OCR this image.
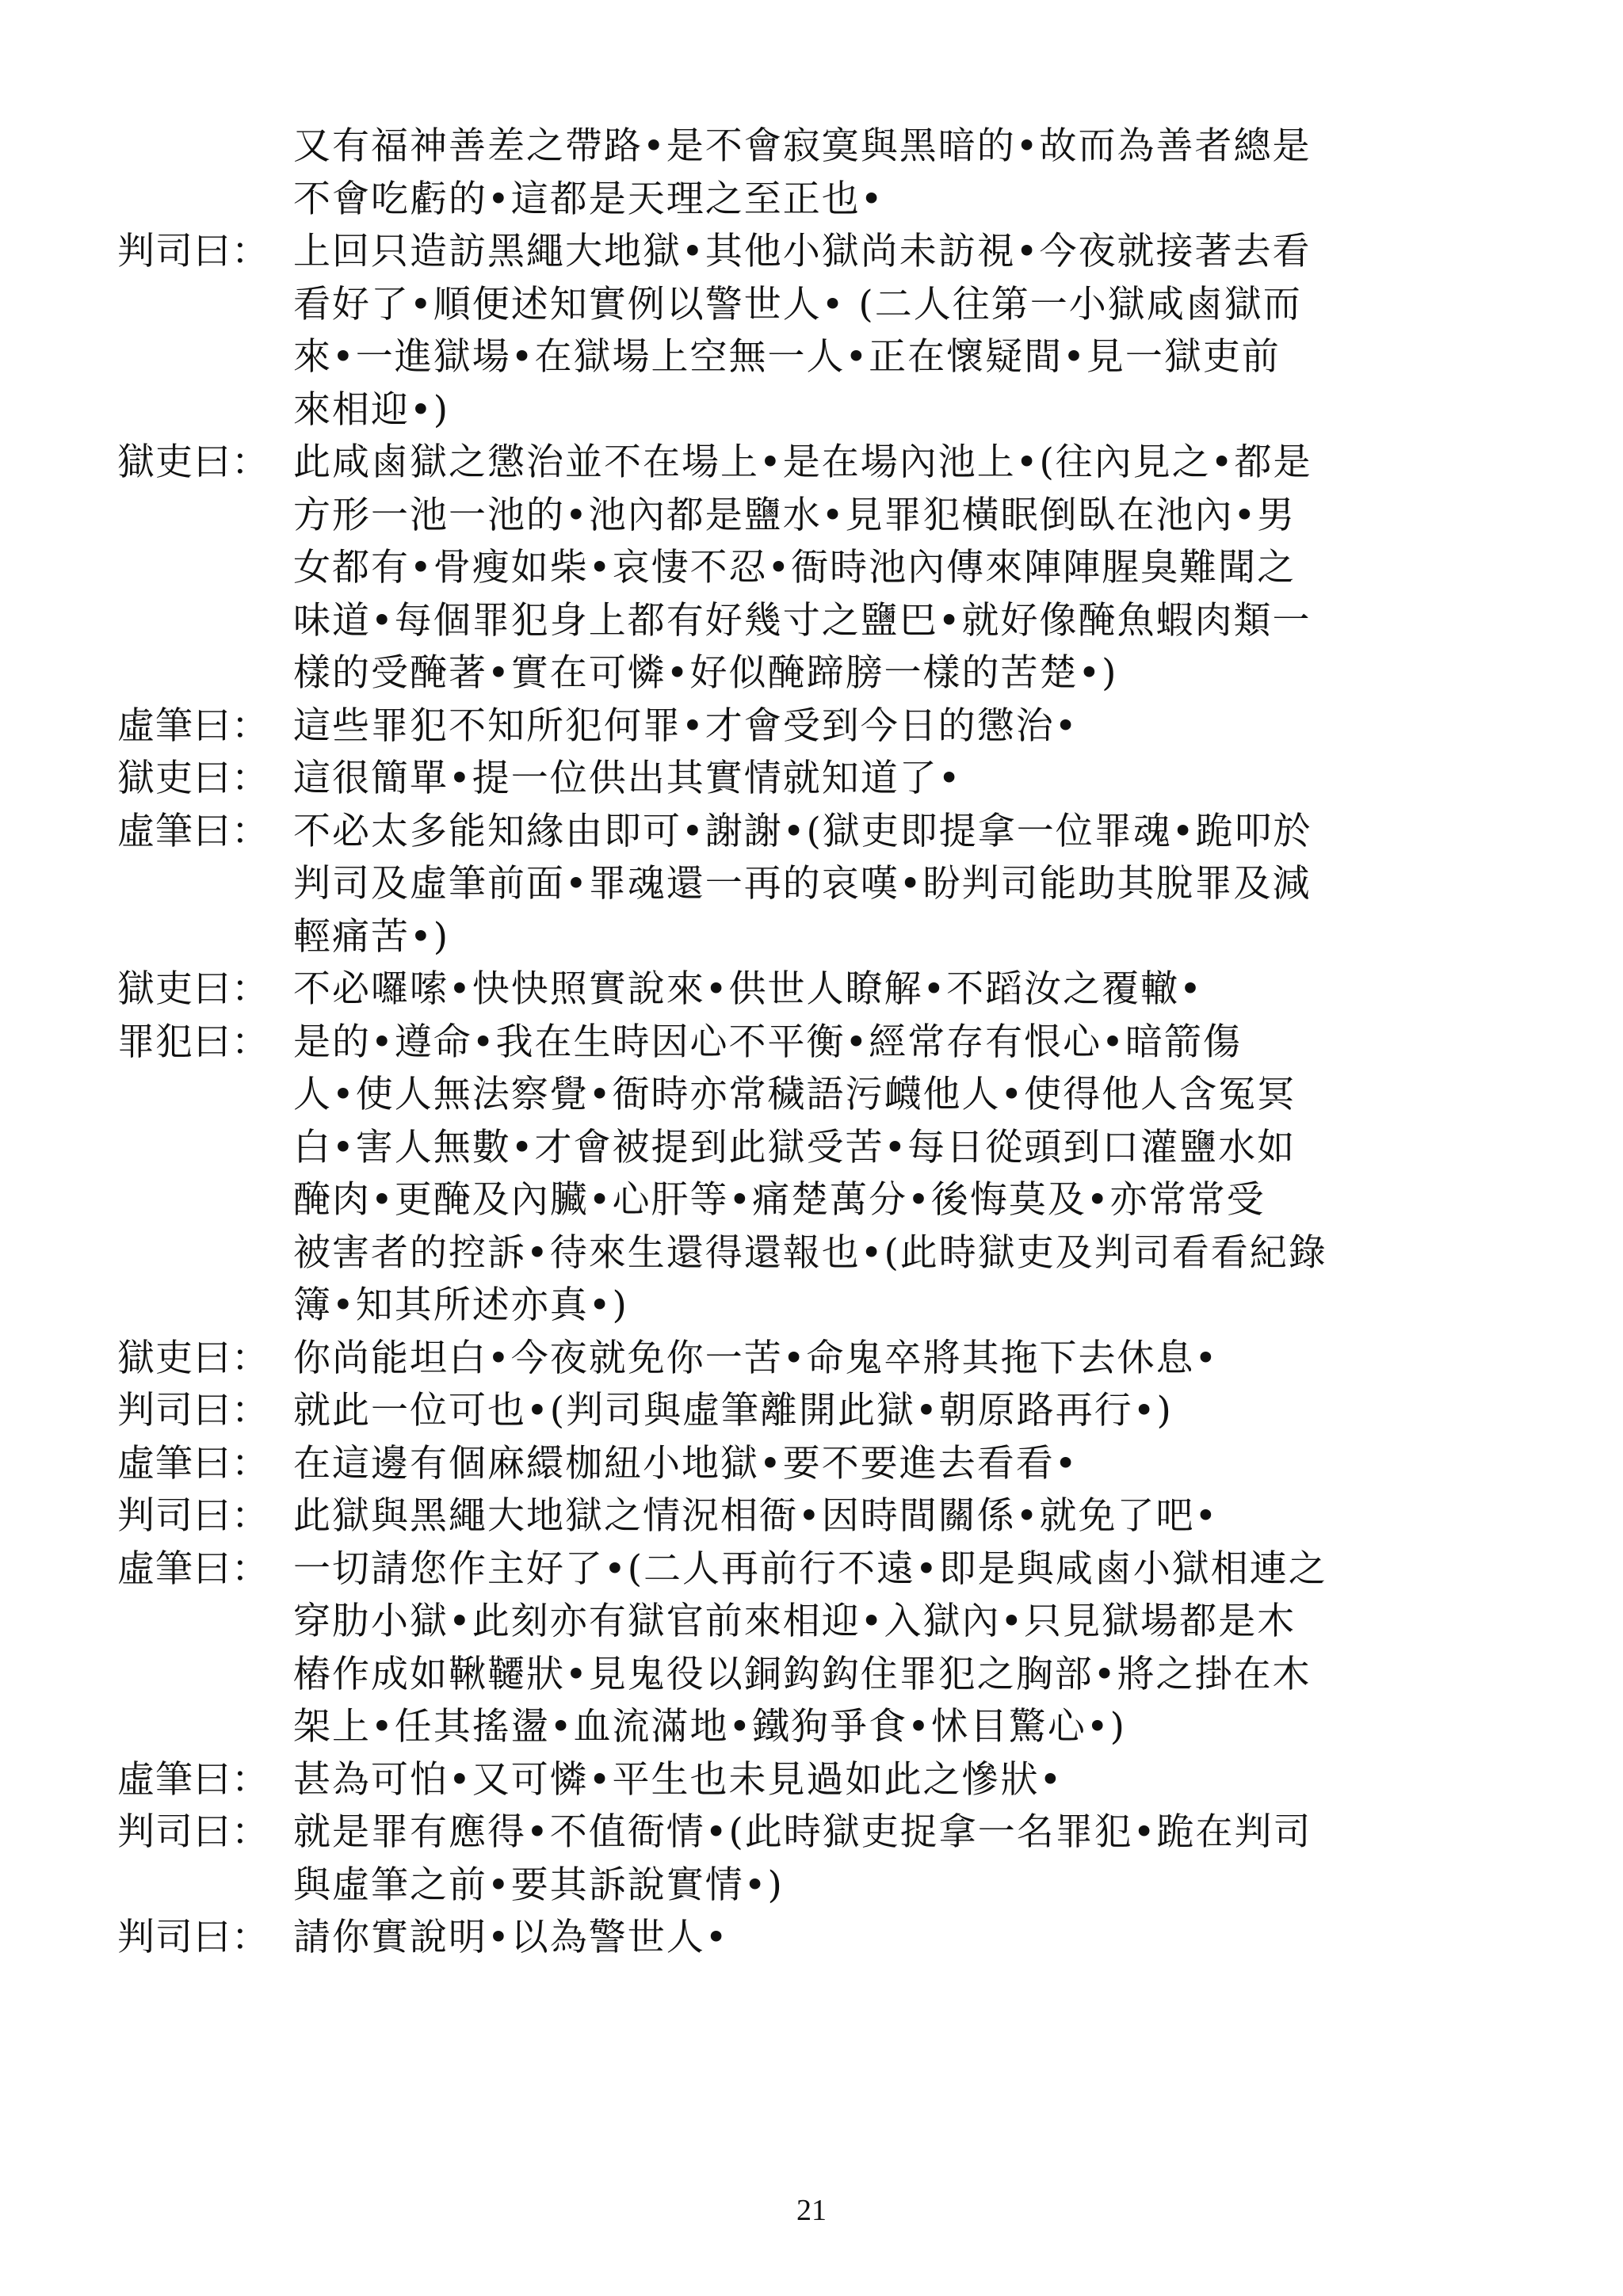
又有福神善差之帶路•是不會寂寞與黑暗的•故而為善者總是
不會吃虧的•這都是天理之至正也•
判司曰： 上回只造訪黑繩大地獄•其他小獄尚未訪視•今夜就接著去看
看好了•順便述知實例以警世人• (二人往第一小獄咸鹵獄而
來•一進獄場•在獄場上空無一人•正在懷疑間•見一獄吏前
來相迎•)
獄吏曰： 此咸鹵獄之懲治並不在場上•是在場內池上•(往內見之•都是
方形一池一池的•池內都是鹽水•見罪犯橫眠倒臥在池內•男
女都有•骨瘦如柴•哀悽不忍•衙時池內傳來陣陣腥臭難聞之
味道•每個罪犯身上都有好幾寸之鹽巴•就好像醃魚蝦肉類一
樣的受醃著•實在可憐•好似醃蹄膀一樣的苦楚•)
虛筆曰： 這些罪犯不知所犯何罪•才會受到今日的懲治•
獄吏曰： 這很簡單•提一位供出其實情就知道了•
虛筆曰： 不必太多能知緣由即可•謝謝•(獄吏即提拿一位罪魂•跪叩於
判司及虛筆前面•罪魂還一再的哀嘆•盼判司能助其脫罪及減
輕痛苦•)
獄吏曰： 不必囉嗦•快快照實說來•供世人瞭解•不蹈汝之覆轍•
罪犯曰： 是的•遵命•我在生時因心不平衡•經常存有恨心•暗箭傷
人•使人無法察覺•衙時亦常穢語污衊他人•使得他人含冤冥
白•害人無數•才會被提到此獄受苦•每日從頭到口灌鹽水如
醃肉•更醃及內臟•心肝等•痛楚萬分•後悔莫及•亦常常受
被害者的控訴•待來生還得還報也•(此時獄吏及判司看看紀錄
簿•知其所述亦真•)
獄吏曰： 你尚能坦白•今夜就免你一苦•命鬼卒將其拖下去休息•
判司曰： 就此一位可也•(判司與虛筆離開此獄•朝原路再行•)
虛筆曰： 在這邊有個麻繯枷紐小地獄•要不要進去看看•
判司曰： 此獄與黑繩大地獄之情況相衙•因時間關係•就免了吧•
虛筆曰： 一切請您作主好了•(二人再前行不遠•即是與咸鹵小獄相連之
穿肋小獄•此刻亦有獄官前來相迎•入獄內•只見獄場都是木
樁作成如鞦韆狀•見鬼役以銅鈎鈎住罪犯之胸部•將之掛在木
架上•任其搖盪•血流滿地•鐵狗爭食•怵目驚心•)
虛筆曰： 甚為可怕•又可憐•平生也未見過如此之慘狀•
判司曰： 就是罪有應得•不值衙情•(此時獄吏捉拿一名罪犯•跪在判司
與虛筆之前•要其訴說實情•)
判司曰： 請你實說明•以為警世人•
21
